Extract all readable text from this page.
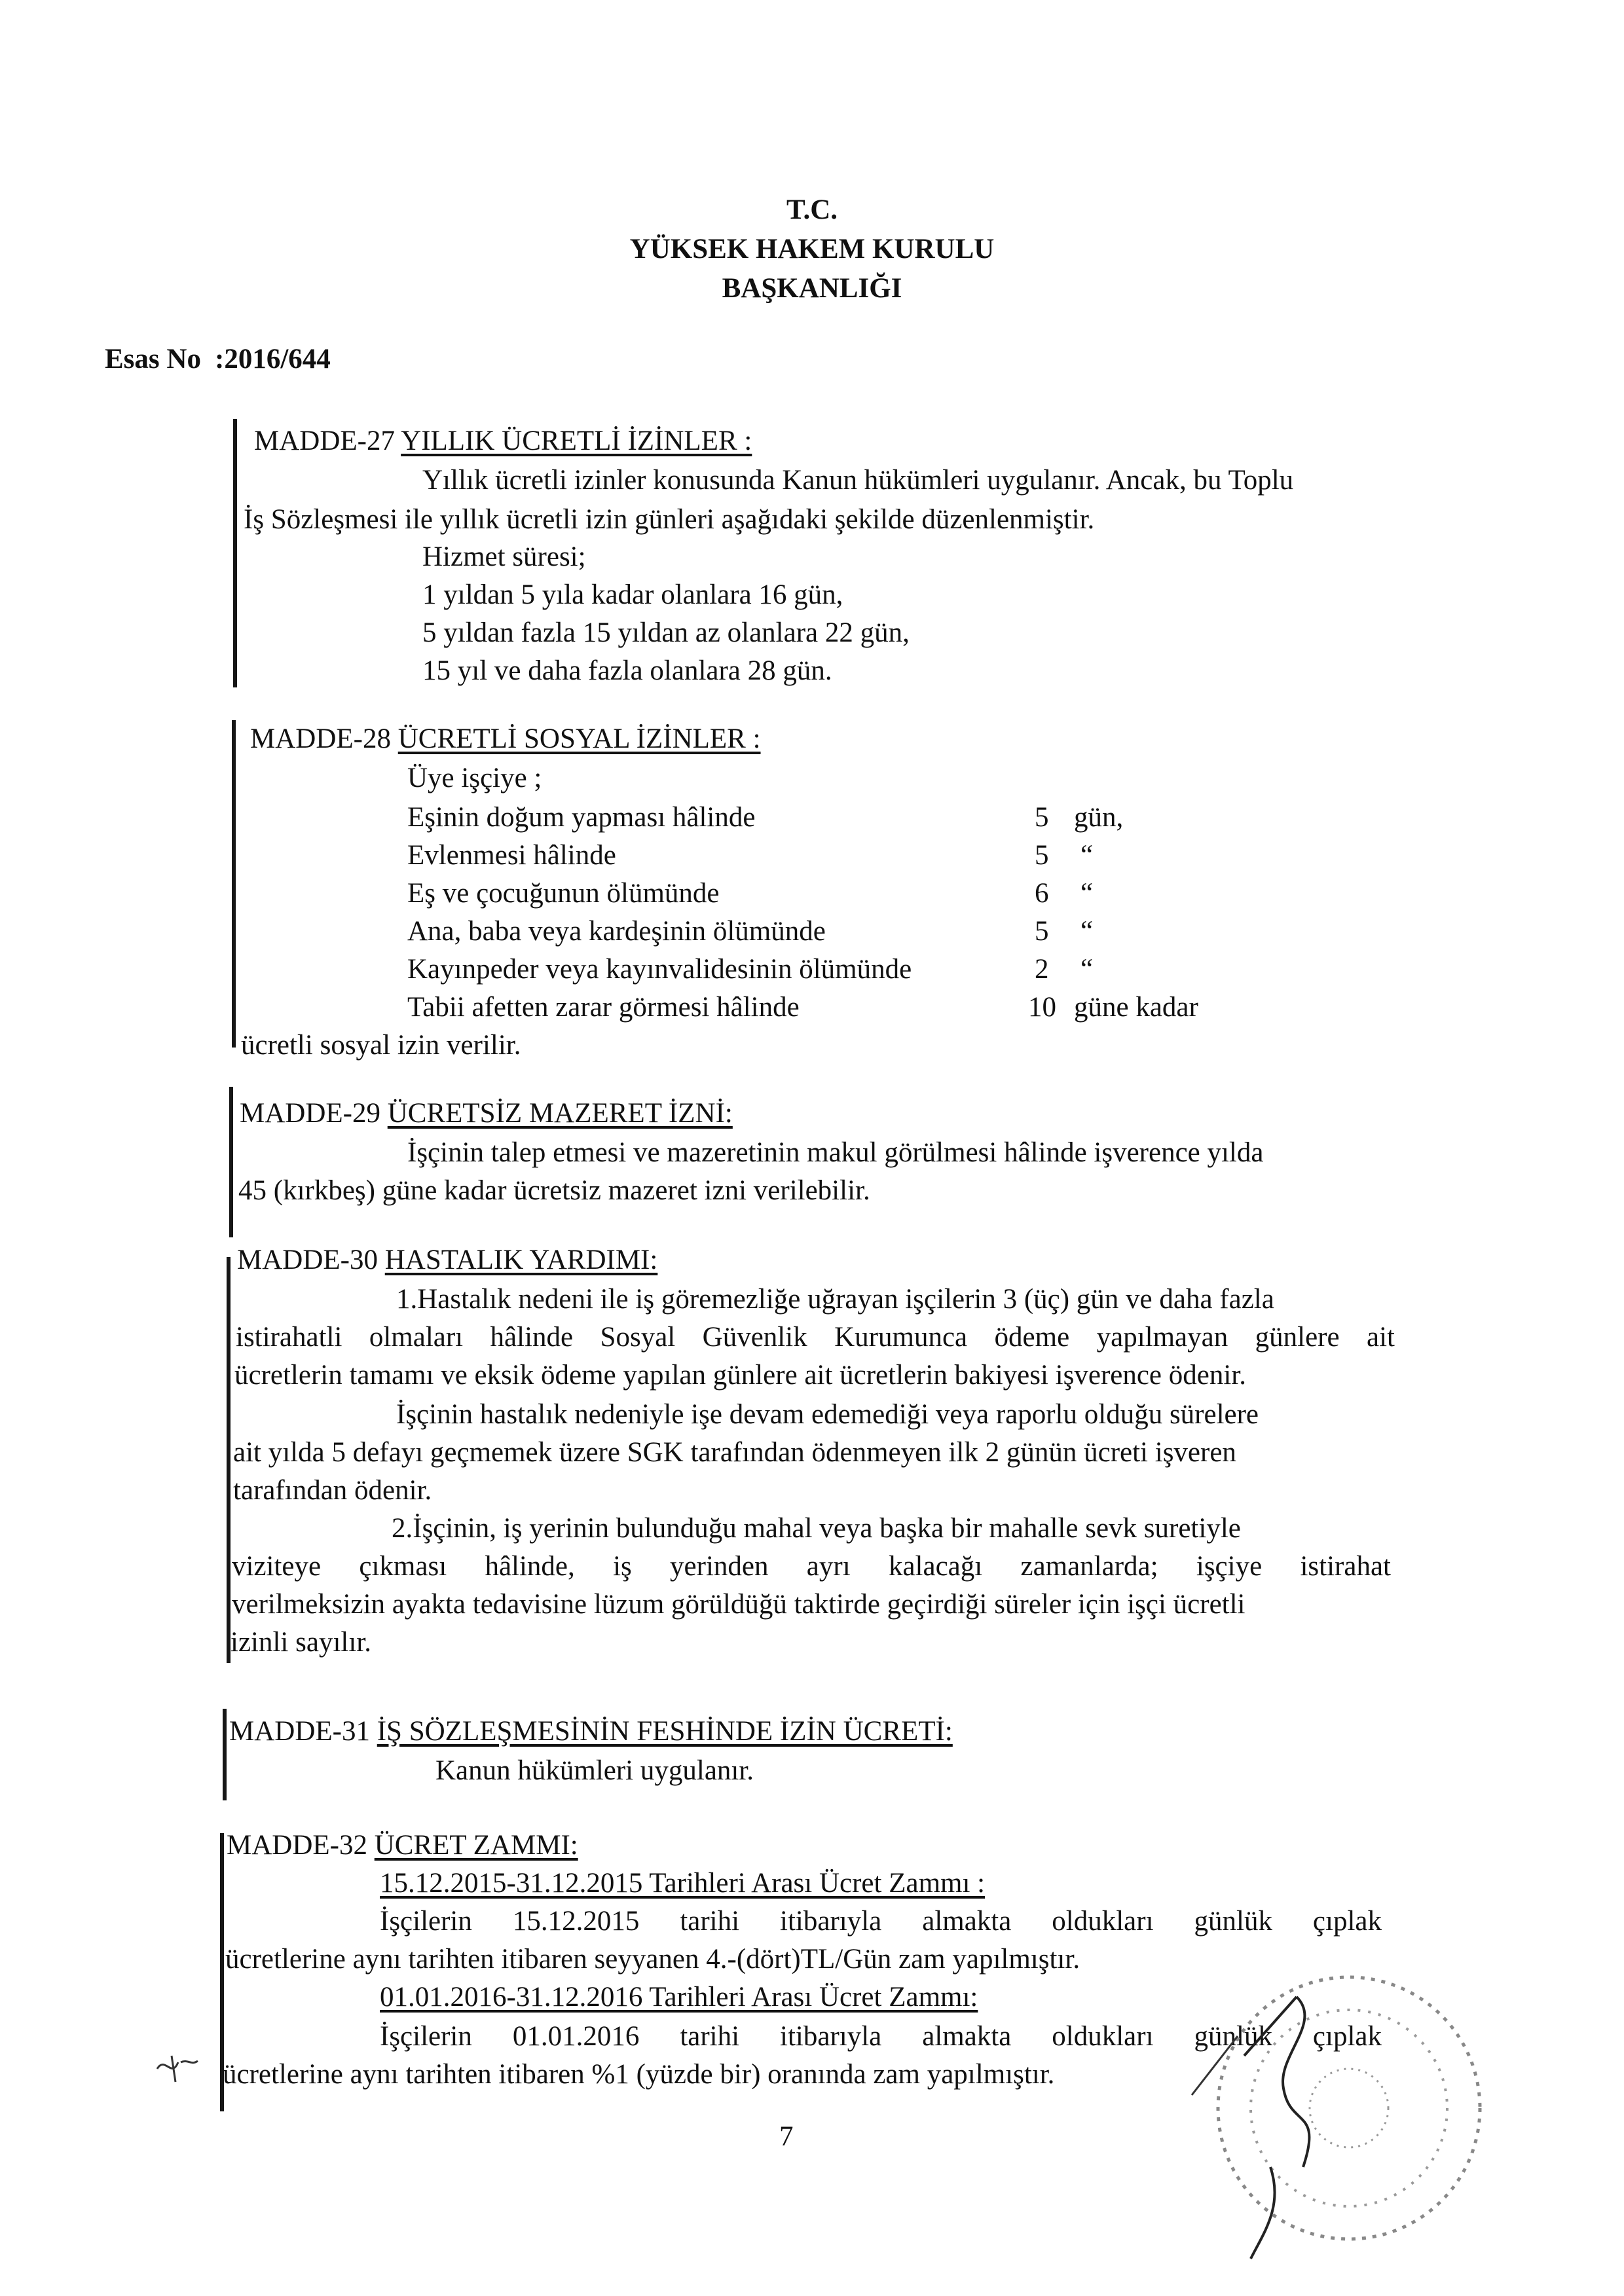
T.C.
YÜKSEK HAKEM KURULU
BAŞKANLIĞI
Esas No :2016/644
MADDE-27 YILLIK ÜCRETLİ İZİNLER :
Yıllık ücretli izinler konusunda Kanun hükümleri uygulanır. Ancak, bu Toplu
İş Sözleşmesi ile yıllık ücretli izin günleri aşağıdaki şekilde düzenlenmiştir.
Hizmet süresi;
1 yıldan 5 yıla kadar olanlara 16 gün,
5 yıldan fazla 15 yıldan az olanlara 22 gün,
15 yıl ve daha fazla olanlara 28 gün.
MADDE-28 ÜCRETLİ SOSYAL İZİNLER :
Üye işçiye ;
Eşinin doğum yapması hâlinde	5 gün,
Evlenmesi hâlinde	5 “
Eş ve çocuğunun ölümünde	6 “
Ana, baba veya kardeşinin ölümünde	5 “
Kayınpeder veya kayınvalidesinin ölümünde	2 “
Tabii afetten zarar görmesi hâlinde	10 güne kadar
ücretli sosyal izin verilir.
MADDE-29 ÜCRETSİZ MAZERET İZNİ:
İşçinin talep etmesi ve mazeretinin makul görülmesi hâlinde işverence yılda
45 (kırkbeş) güne kadar ücretsiz mazeret izni verilebilir.
MADDE-30 HASTALIK YARDIMI:
1.Hastalık nedeni ile iş göremezliğe uğrayan işçilerin 3 (üç) gün ve daha fazla
istirahatli olmaları hâlinde Sosyal Güvenlik Kurumunca ödeme yapılmayan günlere ait
ücretlerin tamamı ve eksik ödeme yapılan günlere ait ücretlerin bakiyesi işverence ödenir.
İşçinin hastalık nedeniyle işe devam edemediği veya raporlu olduğu sürelere
ait yılda 5 defayı geçmemek üzere SGK tarafından ödenmeyen ilk 2 günün ücreti işveren
tarafından ödenir.
2.İşçinin, iş yerinin bulunduğu mahal veya başka bir mahalle sevk suretiyle
viziteye çıkması hâlinde, iş yerinden ayrı kalacağı zamanlarda; işçiye istirahat
verilmeksizin ayakta tedavisine lüzum görüldüğü taktirde geçirdiği süreler için işçi ücretli
izinli sayılır.
MADDE-31 İŞ SÖZLEŞMESİNİN FESHİNDE İZİN ÜCRETİ:
Kanun hükümleri uygulanır.
MADDE-32 ÜCRET ZAMMI:
15.12.2015-31.12.2015 Tarihleri Arası Ücret Zammı :
İşçilerin 15.12.2015 tarihi itibarıyla almakta oldukları günlük çıplak
ücretlerine aynı tarihten itibaren seyyanen 4.-(dört)TL/Gün zam yapılmıştır.
01.01.2016-31.12.2016 Tarihleri Arası Ücret Zammı:
İşçilerin 01.01.2016 tarihi itibarıyla almakta oldukları günlük çıplak
ücretlerine aynı tarihten itibaren %1 (yüzde bir) oranında zam yapılmıştır.
7
